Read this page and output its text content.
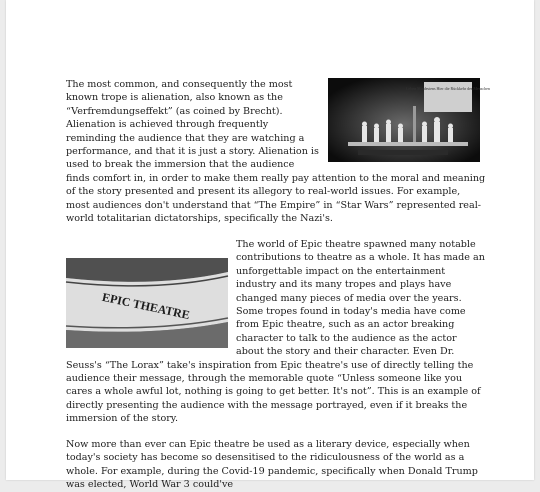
Leben Mindestens Hier die Rückkehr des Menschen
The most common, and consequently the most known trope is alienation, also known as the “Verfremdungseffekt” (as coined by Brecht). Alienation is achieved through frequently reminding the audience that they are watching a performance, and that it is just a story. Alienation is used to break the immersion that the audience finds comfort in, in order to make them really pay attention to the moral and meaning of the story presented and present its allegory to real-world issues. For example, most audiences don't understand that “The Empire” in “Star Wars” represented real-world totalitarian dictatorships, specifically the Nazi's.
EPIC THEATRE
The world of Epic theatre spawned many notable contributions to theatre as a whole. It has made an unforgettable impact on the entertainment industry and its many tropes and plays have changed many pieces of media over the years. Some tropes found in today's media have come from Epic theatre, such as an actor breaking character to talk to the audience as the actor about the story and their character. Even Dr. Seuss's “The Lorax” take's inspiration from Epic theatre's use of directly telling the audience their message, through the memorable quote “Unless someone like you cares a whole awful lot, nothing is going to get better. It's not”. This is an example of directly presenting the audience with the message portrayed, even if it breaks the immersion of the story.
Now more than ever can Epic theatre be used as a literary device, especially when today's society has become so desensitised to the ridiculousness of the world as a whole. For example, during the Covid-19 pandemic, specifically when Donald Trump was elected, World War 3 could've
